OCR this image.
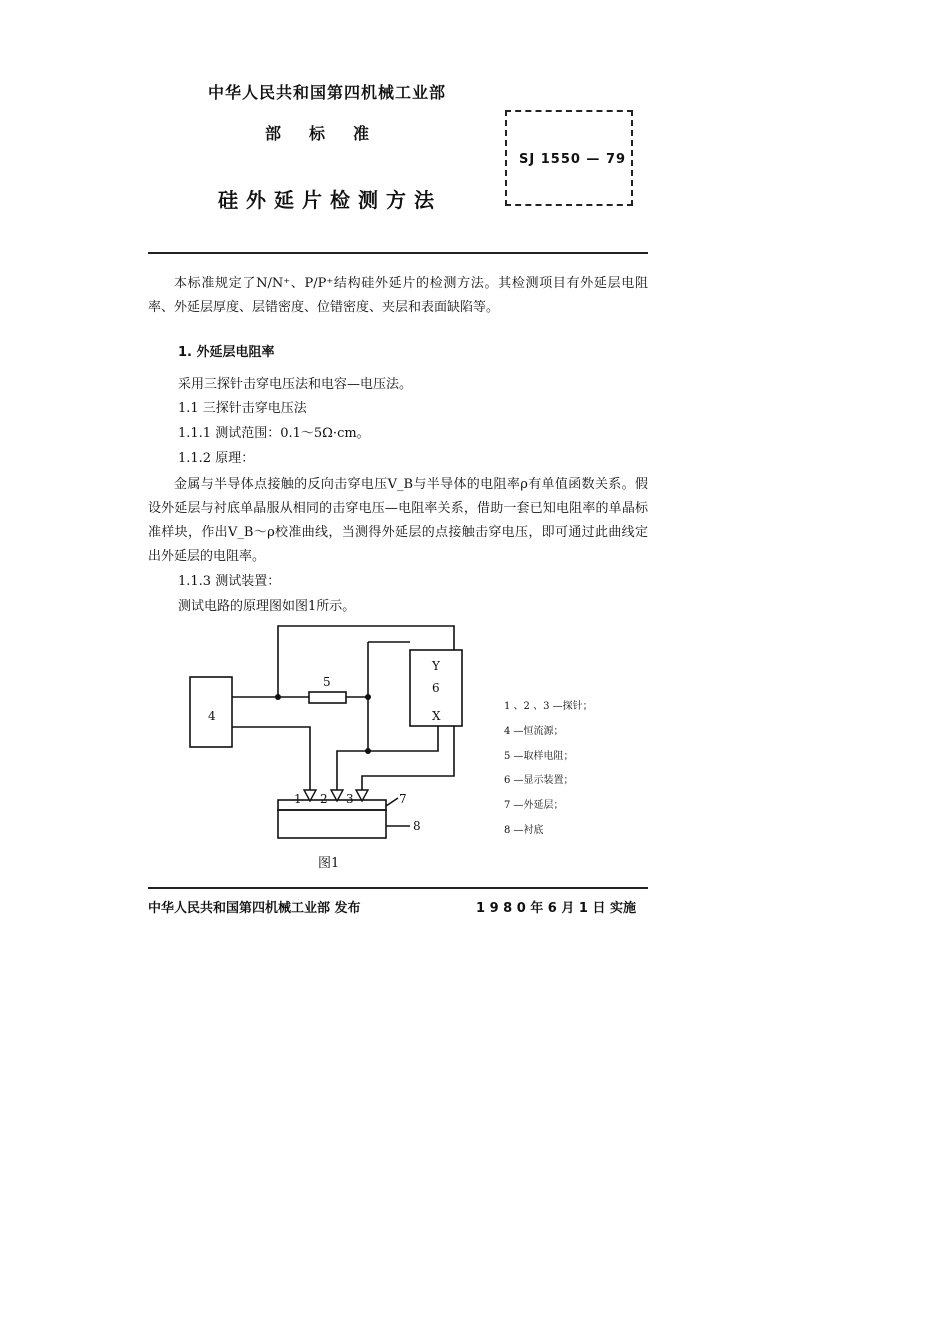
中华人民共和国第四机械工业部
部标准
硅外延片检测方法
SJ 1550 — 79
本标准规定了N/N⁺、P/P⁺结构硅外延片的检测方法。其检测项目有外延层电阻率、外延层厚度、层错密度、位错密度、夹层和表面缺陷等。
1. 外延层电阻率
采用三探针击穿电压法和电容—电压法。
1.1 三探针击穿电压法
1.1.1 测试范围：0.1～5Ω·cm。
1.1.2 原理：
金属与半导体点接触的反向击穿电压V_B与半导体的电阻率ρ有单值函数关系。假设外延层与衬底单晶服从相同的击穿电压—电阻率关系，借助一套已知电阻率的单晶标准样块，作出V_B～ρ校准曲线，当测得外延层的点接触击穿电压，即可通过此曲线定出外延层的电阻率。
1.1.3 测试装置：
测试电路的原理图如图1所示。
4
5
Y
6
X
1 2 3	7
8
图1
1 、2 、3 —探针；
4 —恒流源；
5 —取样电阻；
6 —显示装置；
7 —外延层；
8 —衬底
中华人民共和国第四机械工业部 发布	1 9 8 0 年 6 月 1 日 实施
